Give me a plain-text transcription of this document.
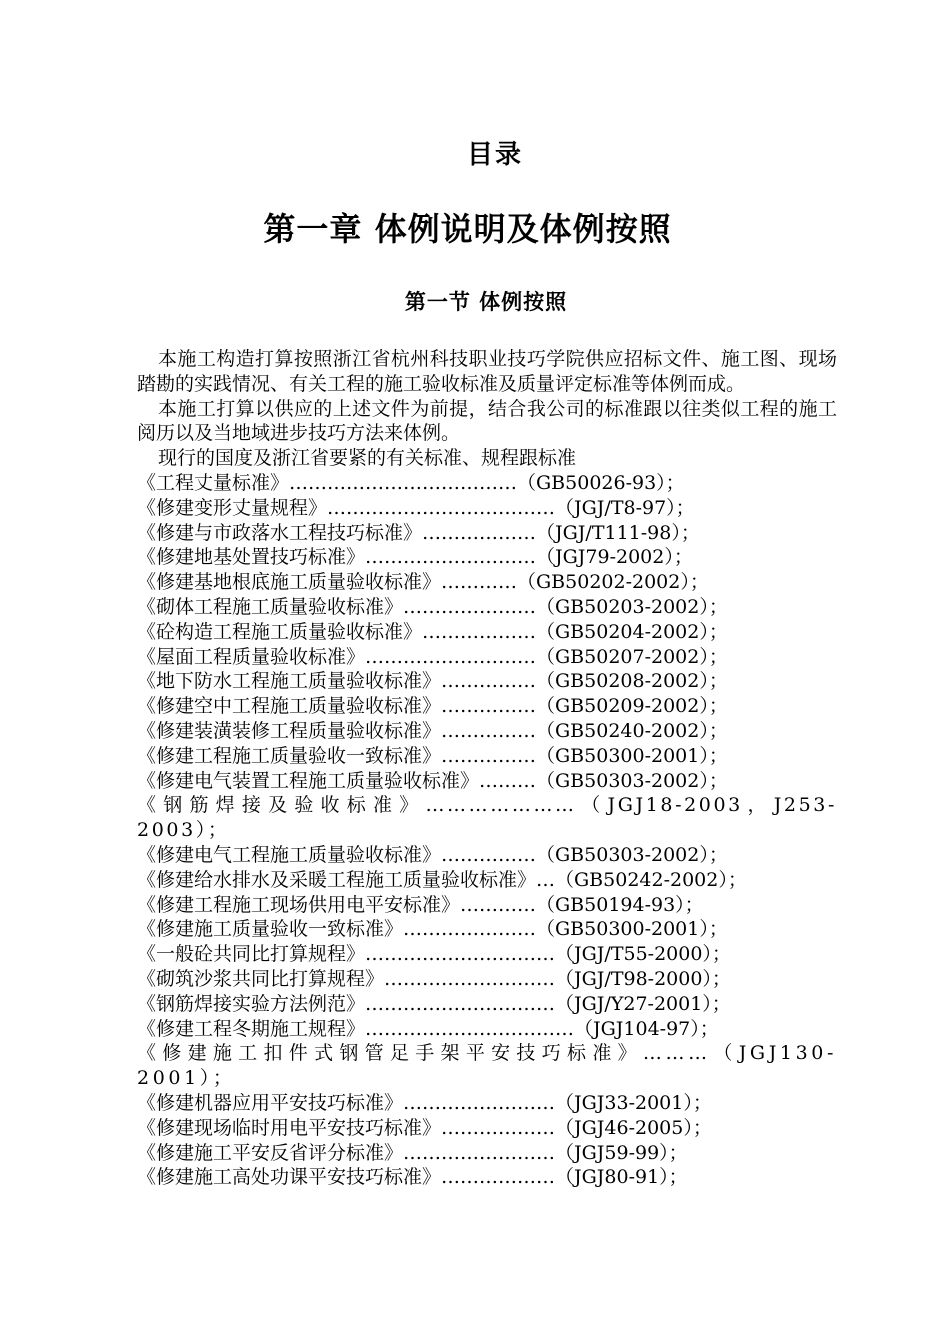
目录
第一章 体例说明及体例按照
第一节 体例按照

本施工构造打算按照浙江省杭州科技职业技巧学院供应招标文件、施工图、现场踏勘的实践情况、有关工程的施工验收标准及质量评定标准等体例而成。

本施工打算以供应的上述文件为前提，结合我公司的标准跟以往类似工程的施工阅历以及当地域进步技巧方法来体例。

现行的国度及浙江省要紧的有关标准、规程跟标准

《工程丈量标准》………………………………（GB50026-93）；
《修建变形丈量规程》………………………………（JGJ/T8-97）；
《修建与市政落水工程技巧标准》………………（JGJ/T111-98）；
《修建地基处置技巧标准》………………………（JGJ79-2002）；
《修建基地根底施工质量验收标准》…………（GB50202-2002）；
《砌体工程施工质量验收标准》…………………（GB50203-2002）；
《砼构造工程施工质量验收标准》………………（GB50204-2002）；
《屋面工程质量验收标准》………………………（GB50207-2002）；
《地下防水工程施工质量验收标准》……………（GB50208-2002）；
《修建空中工程施工质量验收标准》……………（GB50209-2002）；
《修建装潢装修工程质量验收标准》……………（GB50240-2002）；
《修建工程施工质量验收一致标准》……………（GB50300-2001）；
《修建电气装置工程施工质量验收标准》………（GB50303-2002）；
《钢筋焊接及验收标准》…………………（JGJ18-2003，J253-2003）；
《修建电气工程施工质量验收标准》……………（GB50303-2002）；
《修建给水排水及采暖工程施工质量验收标准》…（GB50242-2002）；
《修建工程施工现场供用电平安标准》…………（GB50194-93）；
《修建施工质量验收一致标准》…………………（GB50300-2001）；
《一般砼共同比打算规程》…………………………（JGJ/T55-2000）；
《砌筑沙浆共同比打算规程》………………………（JGJ/T98-2000）；
《钢筋焊接实验方法例范》…………………………（JGJ/Y27-2001）；
《修建工程冬期施工规程》……………………………（JGJ104-97）；
《修建施工扣件式钢管足手架平安技巧标准》………（JGJ130-2001）；
《修建机器应用平安技巧标准》……………………（JGJ33-2001）；
《修建现场临时用电平安技巧标准》………………（JGJ46-2005）；
《修建施工平安反省评分标准》……………………（JGJ59-99）；
《修建施工高处功课平安技巧标准》………………（JGJ80-91）；
